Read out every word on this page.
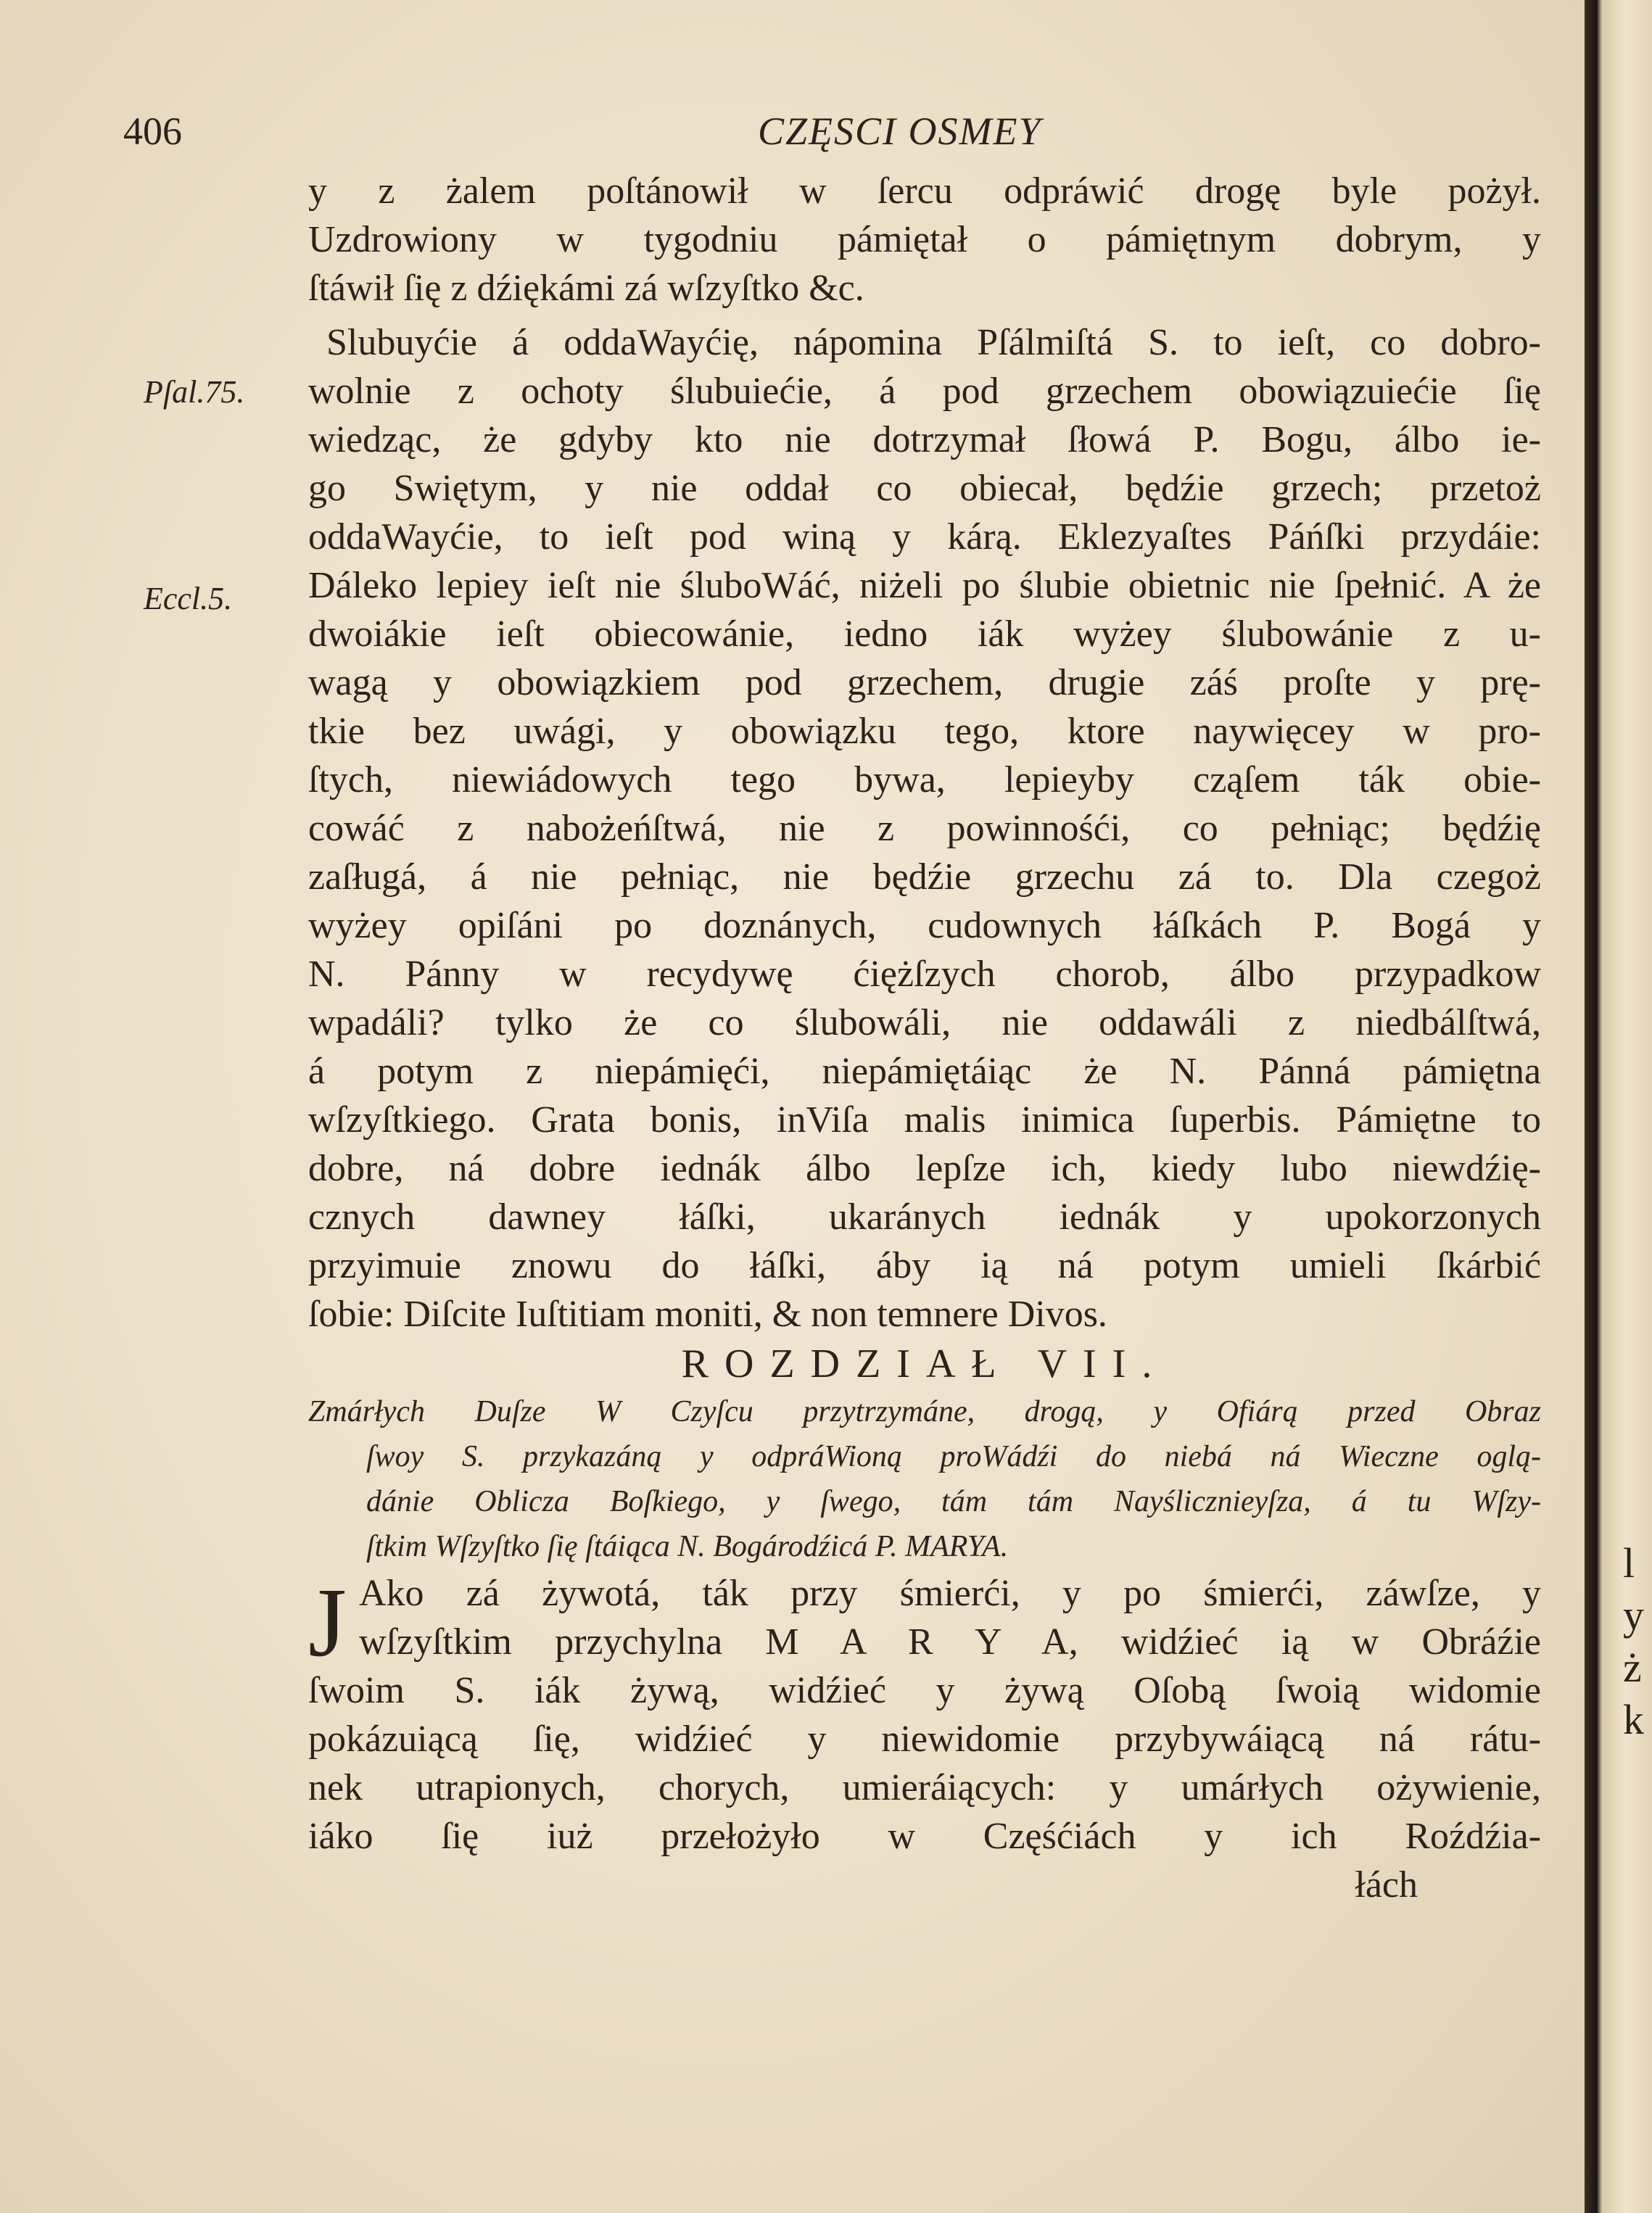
l
y
ż
k
406	CZĘSCI OSMEY
Pſal.75.
Eccl.5.
y z żalem poſtánowił w ſercu odpráwić drogę byle pożył.
Uzdrowiony w tygodniu pámiętał o pámiętnym dobrym, y
ſtáwił ſię z dźiękámi zá wſzyſtko &c.
Slubuyćie á oddaWayćię, nápomina Pſálmiſtá S. to ieſt, co dobro-
wolnie z ochoty ślubuiećie, á pod grzechem obowiązuiećie ſię
wiedząc, że gdyby kto nie dotrzymał ſłowá P. Bogu, álbo ie-
go Swiętym, y nie oddał co obiecał, będźie grzech; przetoż
oddaWayćie, to ieſt pod winą y kárą. Eklezyaſtes Páńſki przydáie:
Dáleko lepiey ieſt nie śluboWáć, niżeli po ślubie obietnic nie ſpełnić. A że
dwoiákie ieſt obiecowánie, iedno iák wyżey ślubowánie z u-
wagą y obowiązkiem pod grzechem, drugie záś proſte y prę-
tkie bez uwági, y obowiązku tego, ktore naywięcey w pro-
ſtych, niewiádowych tego bywa, lepieyby cząſem ták obie-
cowáć z nabożeńſtwá, nie z powinnośći, co pełniąc; będźię
zaſługá, á nie pełniąc, nie będźie grzechu zá to. Dla czegoż
wyżey opiſáni po doznánych, cudownych łáſkách P. Bogá y
N. Pánny w recydywę ćiężſzych chorob, álbo przypadkow
wpadáli? tylko że co ślubowáli, nie oddawáli z niedbálſtwá,
á potym z niepámięći, niepámiętáiąc że N. Pánná pámiętna
wſzyſtkiego. Grata bonis, inViſa malis inimica ſuperbis. Pámiętne to
dobre, ná dobre iednák álbo lepſze ich, kiedy lubo niewdźię-
cznych dawney łáſki, ukaránych iednák y upokorzonych
przyimuie znowu do łáſki, áby ią ná potym umieli ſkárbić
ſobie: Diſcite Iuſtitiam moniti, & non temnere Divos.
ROZDZIAŁ VII.
Zmárłych Duſze W Czyſcu przytrzymáne, drogą, y Ofiárą przed Obraz
ſwoy S. przykazáną y odpráWioną proWádźi do niebá ná Wieczne oglą-
dánie Oblicza Boſkiego, y ſwego, tám tám Nayślicznieyſza, á tu Wſzy-
ſtkim Wſzyſtko ſię ſtáiąca N. Bogárodźicá P. MARYA.
J Ako zá żywotá, ták przy śmierći, y po śmierći, záwſze, y
wſzyſtkim przychylna M A R Y A, widźieć ią w Obráźie
ſwoim S. iák żywą, widźieć y żywą Oſobą ſwoią widomie
pokázuiącą ſię, widźieć y niewidomie przybywáiącą ná rátu-
nek utrapionych, chorych, umieráiących: y umárłych ożywienie,
iáko ſię iuż przełożyło w Częśćiách y ich Roźdźia-
łách
